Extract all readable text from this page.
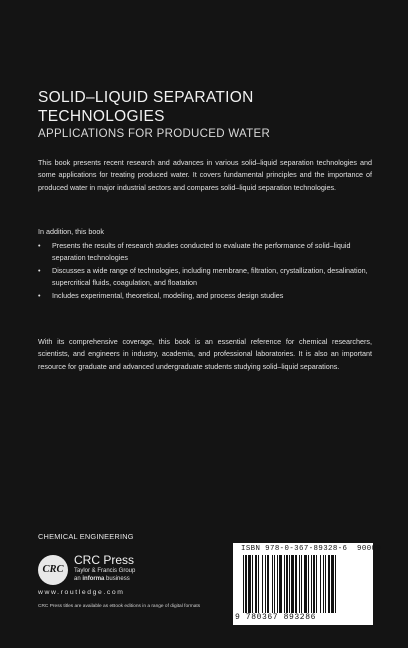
SOLID–LIQUID SEPARATION
TECHNOLOGIES
APPLICATIONS FOR PRODUCED WATER
This book presents recent research and advances in various solid–liquid separation technologies and some applications for treating produced water. It covers fundamental principles and the importance of produced water in major industrial sectors and compares solid–liquid separation technologies.
In addition, this book
• Presents the results of research studies conducted to evaluate the performance of solid–liquid separation technologies
• Discusses a wide range of technologies, including membrane, filtration, crystallization, desalination, supercritical fluids, coagulation, and floatation
• Includes experimental, theoretical, modeling, and process design studies
With its comprehensive coverage, this book is an essential reference for chemical researchers, scientists, and engineers in industry, academia, and professional laboratories. It is also an important resource for graduate and advanced undergraduate students studying solid–liquid separations.
CHEMICAL ENGINEERING
CRC
CRC Press
Taylor & Francis Group
an informa business
www.routledge.com
CRC Press titles are available as eBook editions in a range of digital formats
ISBN 978-0-367-89328-6 90000
9 780367 893286
